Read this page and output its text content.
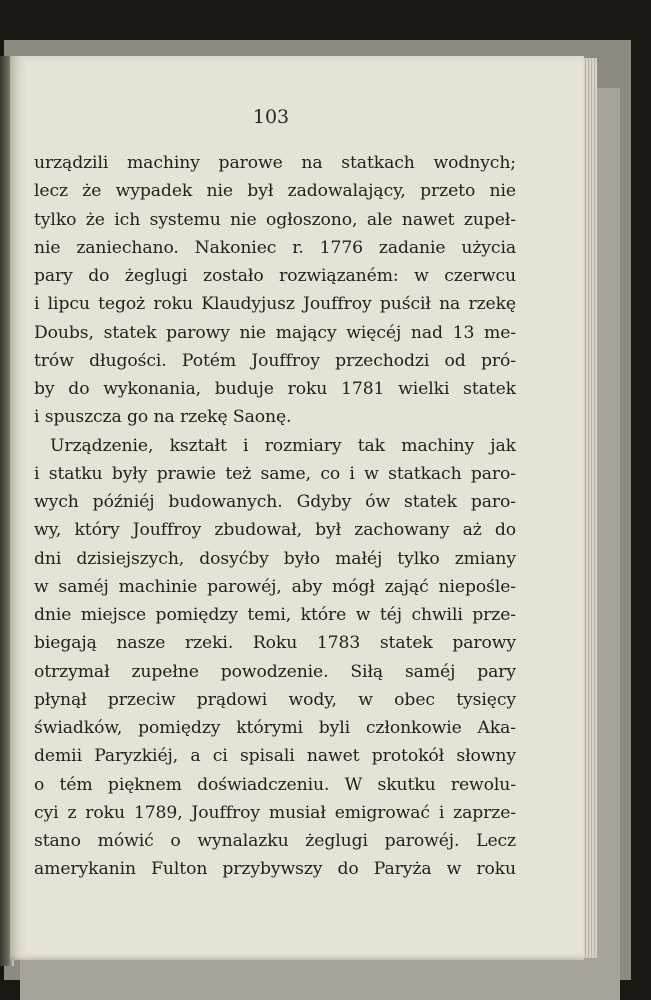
103
urządzili machiny parowe na statkach wodnych;
lecz że wypadek nie był zadowalający, przeto nie
tylko że ich systemu nie ogłoszono, ale nawet zupeł-
nie zaniechano. Nakoniec r. 1776 zadanie użycia
pary do żeglugi zostało rozwiązaném: w czerwcu
i lipcu tegoż roku Klaudyjusz Jouffroy puścił na rzekę
Doubs, statek parowy nie mający więcéj nad 13 me-
trów długości. Potém Jouffroy przechodzi od pró-
by do wykonania, buduje roku 1781 wielki statek
i spuszcza go na rzekę Saonę.
Urządzenie, kształt i rozmiary tak machiny jak
i statku były prawie też same, co i w statkach paro-
wych późniéj budowanych. Gdyby ów statek paro-
wy, który Jouffroy zbudował, był zachowany aż do
dni dzisiejszych, dosyćby było małéj tylko zmiany
w saméj machinie parowéj, aby mógł zająć niepośle-
dnie miejsce pomiędzy temi, które w téj chwili prze-
biegają nasze rzeki. Roku 1783 statek parowy
otrzymał zupełne powodzenie. Siłą saméj pary
płynął przeciw prądowi wody, w obec tysięcy
świadków, pomiędzy którymi byli członkowie Aka-
demii Paryzkiéj, a ci spisali nawet protokół słowny
o tém pięknem doświadczeniu. W skutku rewolu-
cyi z roku 1789, Jouffroy musiał emigrować i zaprze-
stano mówić o wynalazku żeglugi parowéj. Lecz
amerykanin Fulton przybywszy do Paryża w roku
